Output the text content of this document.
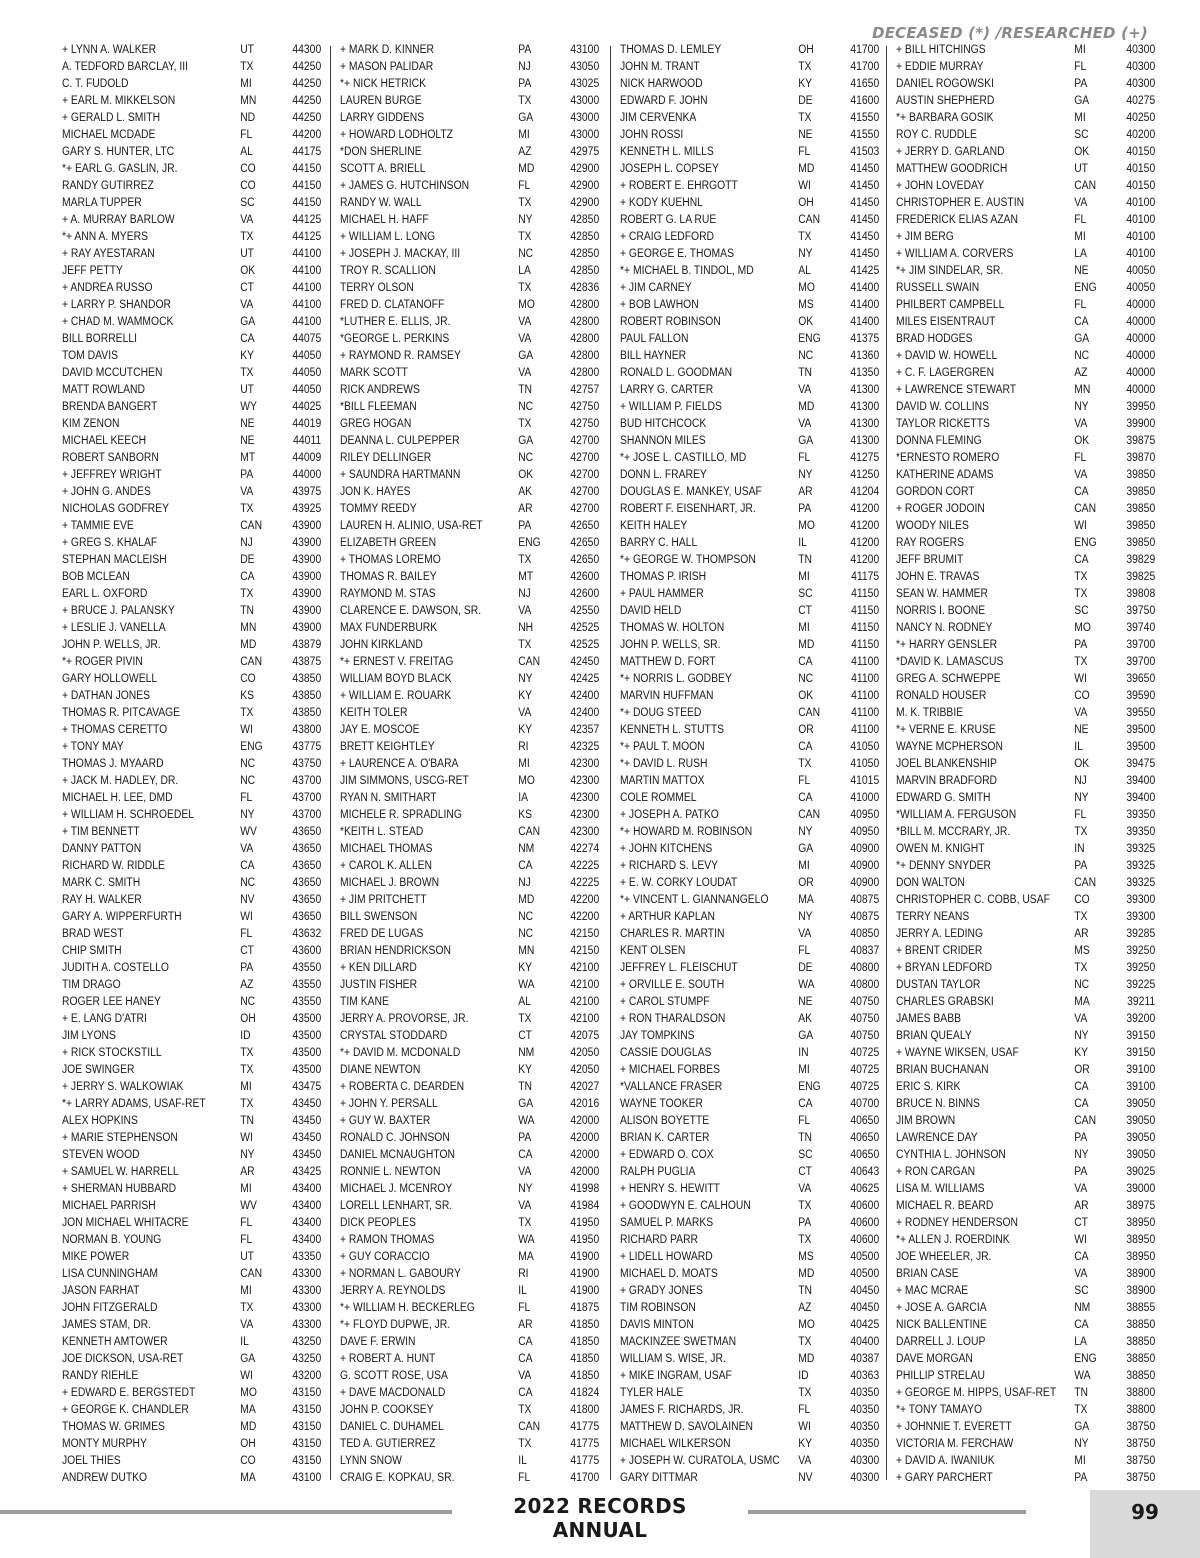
DECEASED (*) /RESEARCHED (+)
+ LYNN A. WALKER	UT	44300
A. TEDFORD BARCLAY, III	TX	44250
C. T. FUDOLD	MI	44250
+ EARL M. MIKKELSON	MN	44250
+ GERALD L. SMITH	ND	44250
MICHAEL MCDADE	FL	44200
GARY S. HUNTER, LTC	AL	44175
*+ EARL G. GASLIN, JR.	CO	44150
RANDY GUTIRREZ	CO	44150
MARLA TUPPER	SC	44150
+ A. MURRAY BARLOW	VA	44125
*+ ANN A. MYERS	TX	44125
+ RAY AYESTARAN	UT	44100
JEFF PETTY	OK	44100
+ ANDREA RUSSO	CT	44100
+ LARRY P. SHANDOR	VA	44100
+ CHAD M. WAMMOCK	GA	44100
BILL BORRELLI	CA	44075
TOM DAVIS	KY	44050
DAVID MCCUTCHEN	TX	44050
MATT ROWLAND	UT	44050
BRENDA BANGERT	WY	44025
KIM ZENON	NE	44019
MICHAEL KEECH	NE	44011
ROBERT SANBORN	MT	44009
+ JEFFREY WRIGHT	PA	44000
+ JOHN G. ANDES	VA	43975
NICHOLAS GODFREY	TX	43925
+ TAMMIE EVE	CAN	43900
+ GREG S. KHALAF	NJ	43900
STEPHAN MACLEISH	DE	43900
BOB MCLEAN	CA	43900
EARL L. OXFORD	TX	43900
+ BRUCE J. PALANSKY	TN	43900
+ LESLIE J. VANELLA	MN	43900
JOHN P. WELLS, JR.	MD	43879
*+ ROGER PIVIN	CAN	43875
GARY HOLLOWELL	CO	43850
+ DATHAN JONES	KS	43850
THOMAS R. PITCAVAGE	TX	43850
+ THOMAS CERETTO	WI	43800
+ TONY MAY	ENG	43775
THOMAS J. MYAARD	NC	43750
+ JACK M. HADLEY, DR.	NC	43700
MICHAEL H. LEE, DMD	FL	43700
+ WILLIAM H. SCHROEDEL	NY	43700
+ TIM BENNETT	WV	43650
DANNY PATTON	VA	43650
RICHARD W. RIDDLE	CA	43650
MARK C. SMITH	NC	43650
RAY H. WALKER	NV	43650
GARY A. WIPPERFURTH	WI	43650
BRAD WEST	FL	43632
CHIP SMITH	CT	43600
JUDITH A. COSTELLO	PA	43550
TIM DRAGO	AZ	43550
ROGER LEE HANEY	NC	43550
+ E. LANG D'ATRI	OH	43500
JIM LYONS	ID	43500
+ RICK STOCKSTILL	TX	43500
JOE SWINGER	TX	43500
+ JERRY S. WALKOWIAK	MI	43475
*+ LARRY ADAMS, USAF-RET	TX	43450
ALEX HOPKINS	TN	43450
+ MARIE STEPHENSON	WI	43450
STEVEN WOOD	NY	43450
+ SAMUEL W. HARRELL	AR	43425
+ SHERMAN HUBBARD	MI	43400
MICHAEL PARRISH	WV	43400
JON MICHAEL WHITACRE	FL	43400
NORMAN B. YOUNG	FL	43400
MIKE POWER	UT	43350
LISA CUNNINGHAM	CAN	43300
JASON FARHAT	MI	43300
JOHN FITZGERALD	TX	43300
JAMES STAM, DR.	VA	43300
KENNETH AMTOWER	IL	43250
JOE DICKSON, USA-RET	GA	43250
RANDY RIEHLE	WI	43200
+ EDWARD E. BERGSTEDT	MO	43150
+ GEORGE K. CHANDLER	MA	43150
THOMAS W. GRIMES	MD	43150
MONTY MURPHY	OH	43150
JOEL THIES	CO	43150
ANDREW DUTKO	MA	43100
+ MARK D. KINNER	PA	43100
+ MASON PALIDAR	NJ	43050
*+ NICK HETRICK	PA	43025
LAUREN BURGE	TX	43000
LARRY GIDDENS	GA	43000
+ HOWARD LODHOLTZ	MI	43000
*DON SHERLINE	AZ	42975
SCOTT A. BRIELL	MD	42900
+ JAMES G. HUTCHINSON	FL	42900
RANDY W. WALL	TX	42900
MICHAEL H. HAFF	NY	42850
+ WILLIAM L. LONG	TX	42850
+ JOSEPH J. MACKAY, III	NC	42850
TROY R. SCALLION	LA	42850
TERRY OLSON	TX	42836
FRED D. CLATANOFF	MO	42800
*LUTHER E. ELLIS, JR.	VA	42800
*GEORGE L. PERKINS	VA	42800
+ RAYMOND R. RAMSEY	GA	42800
MARK SCOTT	VA	42800
RICK ANDREWS	TN	42757
*BILL FLEEMAN	NC	42750
GREG HOGAN	TX	42750
DEANNA L. CULPEPPER	GA	42700
RILEY DELLINGER	NC	42700
+ SAUNDRA HARTMANN	OK	42700
JON K. HAYES	AK	42700
TOMMY REEDY	AR	42700
LAUREN H. ALINIO, USA-RET	PA	42650
ELIZABETH GREEN	ENG	42650
+ THOMAS LOREMO	TX	42650
THOMAS R. BAILEY	MT	42600
RAYMOND M. STAS	NJ	42600
CLARENCE E. DAWSON, SR.	VA	42550
MAX FUNDERBURK	NH	42525
JOHN KIRKLAND	TX	42525
*+ ERNEST V. FREITAG	CAN	42450
WILLIAM BOYD BLACK	NY	42425
+ WILLIAM E. ROUARK	KY	42400
KEITH TOLER	VA	42400
JAY E. MOSCOE	KY	42357
BRETT KEIGHTLEY	RI	42325
+ LAURENCE A. O'BARA	MI	42300
JIM SIMMONS, USCG-RET	MO	42300
RYAN N. SMITHART	IA	42300
MICHELE R. SPRADLING	KS	42300
*KEITH L. STEAD	CAN	42300
MICHAEL THOMAS	NM	42274
+ CAROL K. ALLEN	CA	42225
MICHAEL J. BROWN	NJ	42225
+ JIM PRITCHETT	MD	42200
BILL SWENSON	NC	42200
FRED DE LUGAS	NC	42150
BRIAN HENDRICKSON	MN	42150
+ KEN DILLARD	KY	42100
JUSTIN FISHER	WA	42100
TIM KANE	AL	42100
JERRY A. PROVORSE, JR.	TX	42100
CRYSTAL STODDARD	CT	42075
*+ DAVID M. MCDONALD	NM	42050
DIANE NEWTON	KY	42050
+ ROBERTA C. DEARDEN	TN	42027
+ JOHN Y. PERSALL	GA	42016
+ GUY W. BAXTER	WA	42000
RONALD C. JOHNSON	PA	42000
DANIEL MCNAUGHTON	CA	42000
RONNIE L. NEWTON	VA	42000
MICHAEL J. MCENROY	NY	41998
LORELL LENHART, SR.	VA	41984
DICK PEOPLES	TX	41950
+ RAMON THOMAS	WA	41950
+ GUY CORACCIO	MA	41900
+ NORMAN L. GABOURY	RI	41900
JERRY A. REYNOLDS	IL	41900
*+ WILLIAM H. BECKERLEG	FL	41875
*+ FLOYD DUPWE, JR.	AR	41850
DAVE F. ERWIN	CA	41850
+ ROBERT A. HUNT	CA	41850
G. SCOTT ROSE, USA	VA	41850
+ DAVE MACDONALD	CA	41824
JOHN P. COOKSEY	TX	41800
DANIEL C. DUHAMEL	CAN	41775
TED A. GUTIERREZ	TX	41775
LYNN SNOW	IL	41775
CRAIG E. KOPKAU, SR.	FL	41700
THOMAS D. LEMLEY	OH	41700
JOHN M. TRANT	TX	41700
NICK HARWOOD	KY	41650
EDWARD F. JOHN	DE	41600
JIM CERVENKA	TX	41550
JOHN ROSSI	NE	41550
KENNETH L. MILLS	FL	41503
JOSEPH L. COPSEY	MD	41450
+ ROBERT E. EHRGOTT	WI	41450
+ KODY KUEHNL	OH	41450
ROBERT G. LA RUE	CAN	41450
+ CRAIG LEDFORD	TX	41450
+ GEORGE E. THOMAS	NY	41450
*+ MICHAEL B. TINDOL, MD	AL	41425
+ JIM CARNEY	MO	41400
+ BOB LAWHON	MS	41400
ROBERT ROBINSON	OK	41400
PAUL FALLON	ENG	41375
BILL HAYNER	NC	41360
RONALD L. GOODMAN	TN	41350
LARRY G. CARTER	VA	41300
+ WILLIAM P. FIELDS	MD	41300
BUD HITCHCOCK	VA	41300
SHANNON MILES	GA	41300
*+ JOSE L. CASTILLO, MD	FL	41275
DONN L. FRAREY	NY	41250
DOUGLAS E. MANKEY, USAF	AR	41204
ROBERT F. EISENHART, JR.	PA	41200
KEITH HALEY	MO	41200
BARRY C. HALL	IL	41200
*+ GEORGE W. THOMPSON	TN	41200
THOMAS P. IRISH	MI	41175
+ PAUL HAMMER	SC	41150
DAVID HELD	CT	41150
THOMAS W. HOLTON	MI	41150
JOHN P. WELLS, SR.	MD	41150
MATTHEW D. FORT	CA	41100
*+ NORRIS L. GODBEY	NC	41100
MARVIN HUFFMAN	OK	41100
*+ DOUG STEED	CAN	41100
KENNETH L. STUTTS	OR	41100
*+ PAUL T. MOON	CA	41050
*+ DAVID L. RUSH	TX	41050
MARTIN MATTOX	FL	41015
COLE ROMMEL	CA	41000
+ JOSEPH A. PATKO	CAN	40950
*+ HOWARD M. ROBINSON	NY	40950
+ JOHN KITCHENS	GA	40900
+ RICHARD S. LEVY	MI	40900
+ E. W. CORKY LOUDAT	OR	40900
*+ VINCENT L. GIANNANGELO	MA	40875
+ ARTHUR KAPLAN	NY	40875
CHARLES R. MARTIN	VA	40850
KENT OLSEN	FL	40837
JEFFREY L. FLEISCHUT	DE	40800
+ ORVILLE E. SOUTH	WA	40800
+ CAROL STUMPF	NE	40750
+ RON THARALDSON	AK	40750
JAY TOMPKINS	GA	40750
CASSIE DOUGLAS	IN	40725
+ MICHAEL FORBES	MI	40725
*VALLANCE FRASER	ENG	40725
WAYNE TOOKER	CA	40700
ALISON BOYETTE	FL	40650
BRIAN K. CARTER	TN	40650
+ EDWARD O. COX	SC	40650
RALPH PUGLIA	CT	40643
+ HENRY S. HEWITT	VA	40625
+ GOODWYN E. CALHOUN	TX	40600
SAMUEL P. MARKS	PA	40600
RICHARD PARR	TX	40600
+ LIDELL HOWARD	MS	40500
MICHAEL D. MOATS	MD	40500
+ GRADY JONES	TN	40450
TIM ROBINSON	AZ	40450
DAVIS MINTON	MO	40425
MACKINZEE SWETMAN	TX	40400
WILLIAM S. WISE, JR.	MD	40387
+ MIKE INGRAM, USAF	ID	40363
TYLER HALE	TX	40350
JAMES F. RICHARDS, JR.	FL	40350
MATTHEW D. SAVOLAINEN	WI	40350
MICHAEL WILKERSON	KY	40350
+ JOSEPH W. CURATOLA, USMC VA	40300
GARY DITTMAR	NV	40300
+ BILL HITCHINGS	MI	40300
+ EDDIE MURRAY	FL	40300
DANIEL ROGOWSKI	PA	40300
AUSTIN SHEPHERD	GA	40275
*+ BARBARA GOSIK	MI	40250
ROY C. RUDDLE	SC	40200
+ JERRY D. GARLAND	OK	40150
MATTHEW GOODRICH	UT	40150
+ JOHN LOVEDAY	CAN	40150
CHRISTOPHER E. AUSTIN	VA	40100
FREDERICK ELIAS AZAN	FL	40100
+ JIM BERG	MI	40100
+ WILLIAM A. CORVERS	LA	40100
*+ JIM SINDELAR, SR.	NE	40050
RUSSELL SWAIN	ENG	40050
PHILBERT CAMPBELL	FL	40000
MILES EISENTRAUT	CA	40000
BRAD HODGES	GA	40000
+ DAVID W. HOWELL	NC	40000
+ C. F. LAGERGREN	AZ	40000
+ LAWRENCE STEWART	MN	40000
DAVID W. COLLINS	NY	39950
TAYLOR RICKETTS	VA	39900
DONNA FLEMING	OK	39875
*ERNESTO ROMERO	FL	39870
KATHERINE ADAMS	VA	39850
GORDON CORT	CA	39850
+ ROGER JODOIN	CAN	39850
WOODY NILES	WI	39850
RAY ROGERS	ENG	39850
JEFF BRUMIT	CA	39829
JOHN E. TRAVAS	TX	39825
SEAN W. HAMMER	TX	39808
NORRIS I. BOONE	SC	39750
NANCY N. RODNEY	MO	39740
*+ HARRY GENSLER	PA	39700
*DAVID K. LAMASCUS	TX	39700
GREG A. SCHWEPPE	WI	39650
RONALD HOUSER	CO	39590
M. K. TRIBBIE	VA	39550
*+ VERNE E. KRUSE	NE	39500
WAYNE MCPHERSON	IL	39500
JOEL BLANKENSHIP	OK	39475
MARVIN BRADFORD	NJ	39400
EDWARD G. SMITH	NY	39400
*WILLIAM A. FERGUSON	FL	39350
*BILL M. MCCRARY, JR.	TX	39350
OWEN M. KNIGHT	IN	39325
*+ DENNY SNYDER	PA	39325
DON WALTON	CAN	39325
CHRISTOPHER C. COBB, USAF CO	39300
TERRY NEANS	TX	39300
JERRY A. LEDING	AR	39285
+ BRENT CRIDER	MS	39250
+ BRYAN LEDFORD	TX	39250
DUSTAN TAYLOR	NC	39225
CHARLES GRABSKI	MA	39211
JAMES BABB	VA	39200
BRIAN QUEALY	NY	39150
+ WAYNE WIKSEN, USAF	KY	39150
BRIAN BUCHANAN	OR	39100
ERIC S. KIRK	CA	39100
BRUCE N. BINNS	CA	39050
JIM BROWN	CAN	39050
LAWRENCE DAY	PA	39050
CYNTHIA L. JOHNSON	NY	39050
+ RON CARGAN	PA	39025
LISA M. WILLIAMS	VA	39000
MICHAEL R. BEARD	AR	38975
+ RODNEY HENDERSON	CT	38950
*+ ALLEN J. ROERDINK	WI	38950
JOE WHEELER, JR.	CA	38950
BRIAN CASE	VA	38900
+ MAC MCRAE	SC	38900
+ JOSE A. GARCIA	NM	38855
NICK BALLENTINE	CA	38850
DARRELL J. LOUP	LA	38850
DAVE MORGAN	ENG	38850
PHILLIP STRELAU	WA	38850
+ GEORGE M. HIPPS, USAF-RET TN	38800
*+ TONY TAMAYO	TX	38800
+ JOHNNIE T. EVERETT	GA	38750
VICTORIA M. FERCHAW	NY	38750
+ DAVID A. IWANIUK	MI	38750
+ GARY PARCHERT	PA	38750
2022 RECORDS ANNUAL
99
